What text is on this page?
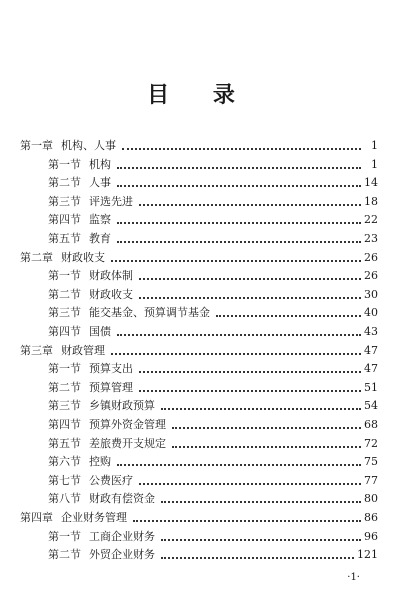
目 录
第一章 机构、人事	1
第一节 机构	1
第二节 人事	14
第三节 评选先进	18
第四节 监察	22
第五节 教育	23
第二章 财政收支	26
第一节 财政体制	26
第二节 财政收支	30
第三节 能交基金、预算调节基金	40
第四节 国债	43
第三章 财政管理	47
第一节 预算支出	47
第二节 预算管理	51
第三节 乡镇财政预算	54
第四节 预算外资金管理	68
第五节 差旅费开支规定	72
第六节 控购	75
第七节 公费医疗	77
第八节 财政有偿资金	80
第四章 企业财务管理	86
第一节 工商企业财务	96
第二节 外贸企业财务	121
·1·
